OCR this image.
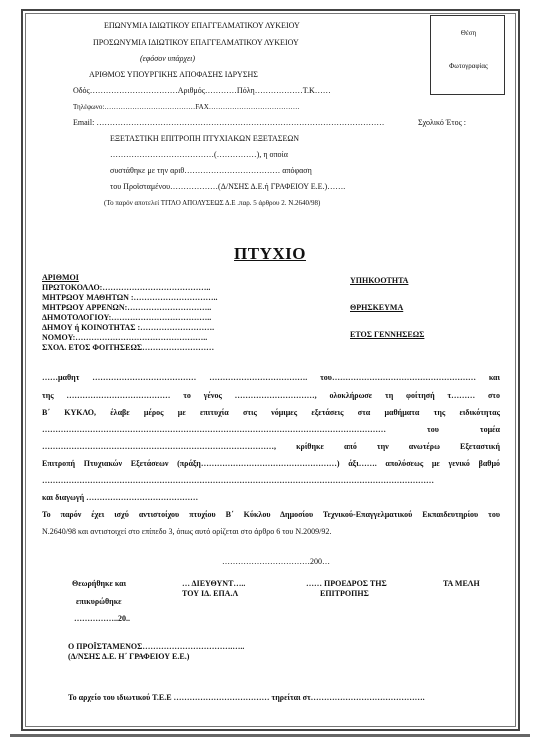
Θέση
Φωτογραφίας
ΕΠΩΝΥΜΙΑ ΙΔΙΩΤΙΚΟΥ ΕΠΑΓΓΕΛΜΑΤΙΚΟΥ ΛΥΚΕΙΟΥ
ΠΡΟΣΩΝΥΜΙΑ ΙΔΙΩΤΙΚΟΥ ΕΠΑΓΓΕΛΜΑΤΙΚΟΥ ΛΥΚΕΙΟΥ
(εφόσον υπάρχει)
ΑΡΙΘΜΟΣ ΥΠΟΥΡΓΙΚΗΣ ΑΠΟΦΑΣΗΣ ΙΔΡΥΣΗΣ
Οδός……………………………Αριθμός…………Πόλη………………Τ.Κ……
Τηλέφωνο:…………………………………FAX…………………………………
Email: ………………………………………………………………………………………………	Σχολικό Έτος :
ΕΞΕΤΑΣΤΙΚΗ ΕΠΙΤΡΟΠΗ ΠΤΥΧΙΑΚΩΝ ΕΞΕΤΑΣΕΩΝ
…………………………………(……………), η οποία
συστάθηκε με την αριθ……………………………… απόφαση
του Προϊσταμένου………………(Δ/ΝΣΗΣ Δ.Ε.ή ΓΡΑΦΕΙΟΥ Ε.Ε.)…….
(Το παρόν αποτελεί ΤΙΤΛΟ ΑΠΟΛΥΣΕΩΣ Δ.Ε .παρ. 5 άρθρου 2. Ν.2640/98)
ΠΤΥΧΙΟ
ΑΡΙΘΜΟΙ
ΠΡΩΤΟΚΟΛΛΟ:…………………………………..
ΜΗΤΡΩΟΥ ΜΑΘΗΤΩΝ :…………………………..
ΜΗΤΡΩΟΥ ΑΡΡΕΝΩΝ:…………………………..
ΔΗΜΟΤΟΛΟΓΙΟΥ:………………………………..
ΔΗΜΟΥ ή ΚΟΙΝΟΤΗΤΑΣ :……………………….
ΝΟΜΟΥ:…………………………………………..
ΣΧΟΛ. ΕΤΟΣ ΦΟΙΤΗΣΕΩΣ………………………
ΥΠΗΚΟΟΤΗΤΑ
ΘΡΗΣΚΕΥΜΑ
ΕΤΟΣ ΓΕΝΝΗΣΕΩΣ
……μαθητ ………………………………… ………………………………. του……………………………………………… και
της ………………………………… το γένος …………………………, ολοκλήρωσε τη φοίτησή τ……… στο
Β΄ ΚΥΚΛΟ, έλαβε μέρος με επιτυχία στις νόμιμες εξετάσεις στα μαθήματα της ειδικότητας
………………………………………………………………………………………………………………… του τομέα
……………………………………………………………………………, κρίθηκε από την ανωτέρω Εξεταστική
Επιτροπή Πτυχιακών Εξετάσεων (πράξη……………………………………………) άξι……. απολύσεως με γενικό βαθμό
…………………………………………………………………………………………………………………………………
και διαγωγή ……………………………………
Το παρόν έχει ισχύ αντιστοίχου πτυχίου Β΄ Κύκλου Δημοσίου Τεχνικού-Επαγγελματικού Εκπαιδευτηρίου του
Ν.2640/98 και αντιστοιχεί στο επίπεδο 3, όπως αυτό ορίζεται στο άρθρο 6 του Ν.2009/92.
……………………………200…
Θεωρήθηκε και
επικυρώθηκε
……………..20..
… ΔΙΕΥΘΥΝΤ…..
ΤΟΥ ΙΔ. ΕΠΑ.Λ
…… ΠΡΟΕΔΡΟΣ ΤΗΣ
ΕΠΙΤΡΟΠΗΣ
ΤΑ ΜΕΛΗ
Ο ΠΡΟΪΣΤΑΜΕΝΟΣ…………………………….…..
(Δ/ΝΣΗΣ Δ.Ε. Η΄ ΓΡΑΦΕΙΟΥ Ε.Ε.)
Το αρχείο του ιδιωτικού Τ.Ε.Ε ……………………………… τηρείται στ…………………………………….
